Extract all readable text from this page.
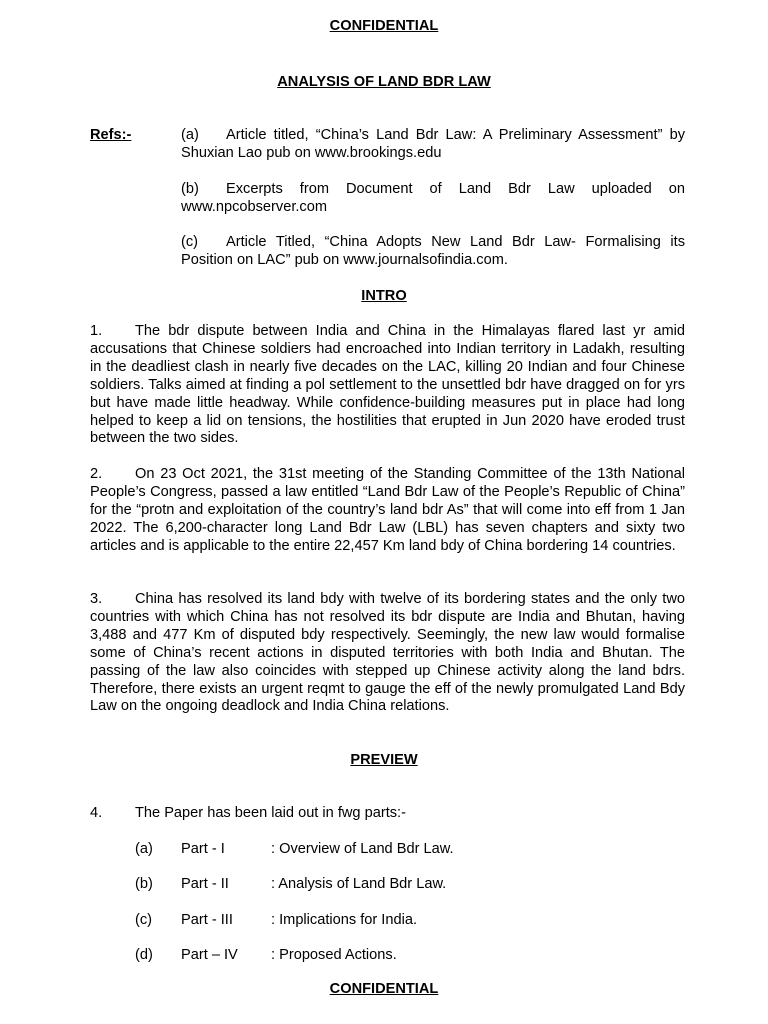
CONFIDENTIAL
ANALYSIS OF LAND BDR LAW
Refs:-	(a) Article titled, “China’s Land Bdr Law: A Preliminary Assessment” by Shuxian Lao pub on www.brookings.edu
(b) Excerpts from Document of Land Bdr Law uploaded on www.npcobserver.com
(c) Article Titled, “China Adopts New Land Bdr Law- Formalising its Position on LAC” pub on www.journalsofindia.com.
INTRO
1. The bdr dispute between India and China in the Himalayas flared last yr amid accusations that Chinese soldiers had encroached into Indian territory in Ladakh, resulting in the deadliest clash in nearly five decades on the LAC, killing 20 Indian and four Chinese soldiers. Talks aimed at finding a pol settlement to the unsettled bdr have dragged on for yrs but have made little headway. While confidence-building measures put in place had long helped to keep a lid on tensions, the hostilities that erupted in Jun 2020 have eroded trust between the two sides.
2. On 23 Oct 2021, the 31st meeting of the Standing Committee of the 13th National People’s Congress, passed a law entitled “Land Bdr Law of the People’s Republic of China” for the “protn and exploitation of the country’s land bdr As” that will come into eff from 1 Jan 2022. The 6,200-character long Land Bdr Law (LBL) has seven chapters and sixty two articles and is applicable to the entire 22,457 Km land bdy of China bordering 14 countries.
3. China has resolved its land bdy with twelve of its bordering states and the only two countries with which China has not resolved its bdr dispute are India and Bhutan, having 3,488 and 477 Km of disputed bdy respectively. Seemingly, the new law would formalise some of China’s recent actions in disputed territories with both India and Bhutan. The passing of the law also coincides with stepped up Chinese activity along the land bdrs. Therefore, there exists an urgent reqmt to gauge the eff of the newly promulgated Land Bdy Law on the ongoing deadlock and India China relations.
PREVIEW
4. The Paper has been laid out in fwg parts:-
(a) Part - I	: Overview of Land Bdr Law.
(b) Part - II	: Analysis of Land Bdr Law.
(c) Part - III	: Implications for India.
(d) Part – IV : Proposed Actions.
CONFIDENTIAL
